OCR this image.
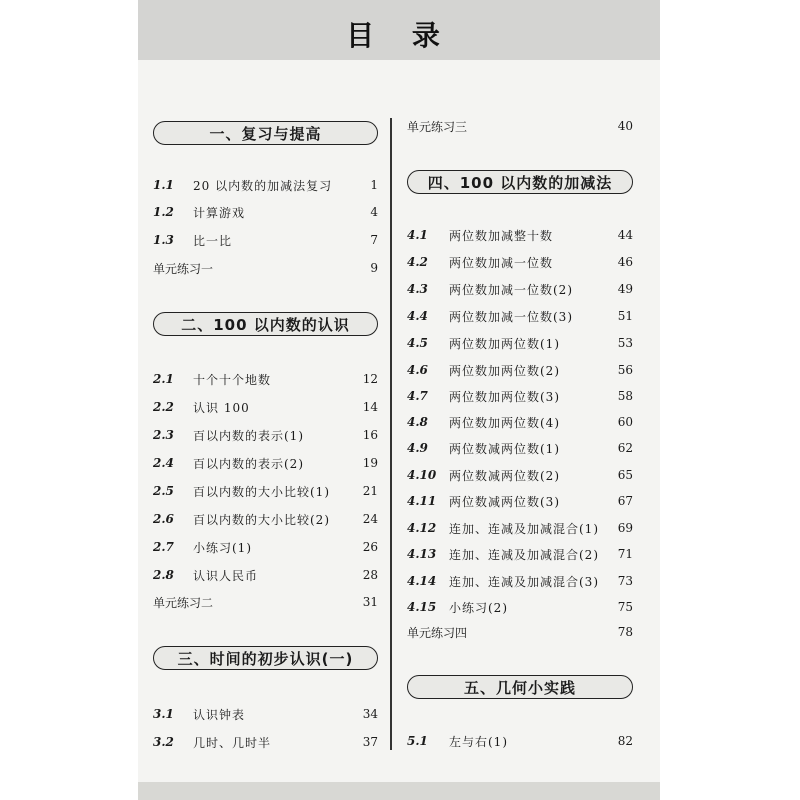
目 录
一、复习与提高
1.1	20 以内数的加减法复习	1
1.2	计算游戏	4
1.3	比一比	7
单元练习一	9
二、100 以内数的认识
2.1	十个十个地数	12
2.2	认识 100	14
2.3	百以内数的表示(1)	16
2.4	百以内数的表示(2)	19
2.5	百以内数的大小比较(1)	21
2.6	百以内数的大小比较(2)	24
2.7	小练习(1)	26
2.8	认识人民币	28
单元练习二	31
三、时间的初步认识(一)
3.1	认识钟表	34
3.2	几时、几时半	37
单元练习三	40
四、100 以内数的加减法
4.1	两位数加减整十数	44
4.2	两位数加减一位数	46
4.3	两位数加减一位数(2)	49
4.4	两位数加减一位数(3)	51
4.5	两位数加两位数(1)	53
4.6	两位数加两位数(2)	56
4.7	两位数加两位数(3)	58
4.8	两位数加两位数(4)	60
4.9	两位数减两位数(1)	62
4.10	两位数减两位数(2)	65
4.11	两位数减两位数(3)	67
4.12	连加、连减及加减混合(1)	69
4.13	连加、连减及加减混合(2)	71
4.14	连加、连减及加减混合(3)	73
4.15	小练习(2)	75
单元练习四	78
五、几何小实践
5.1	左与右(1)	82
